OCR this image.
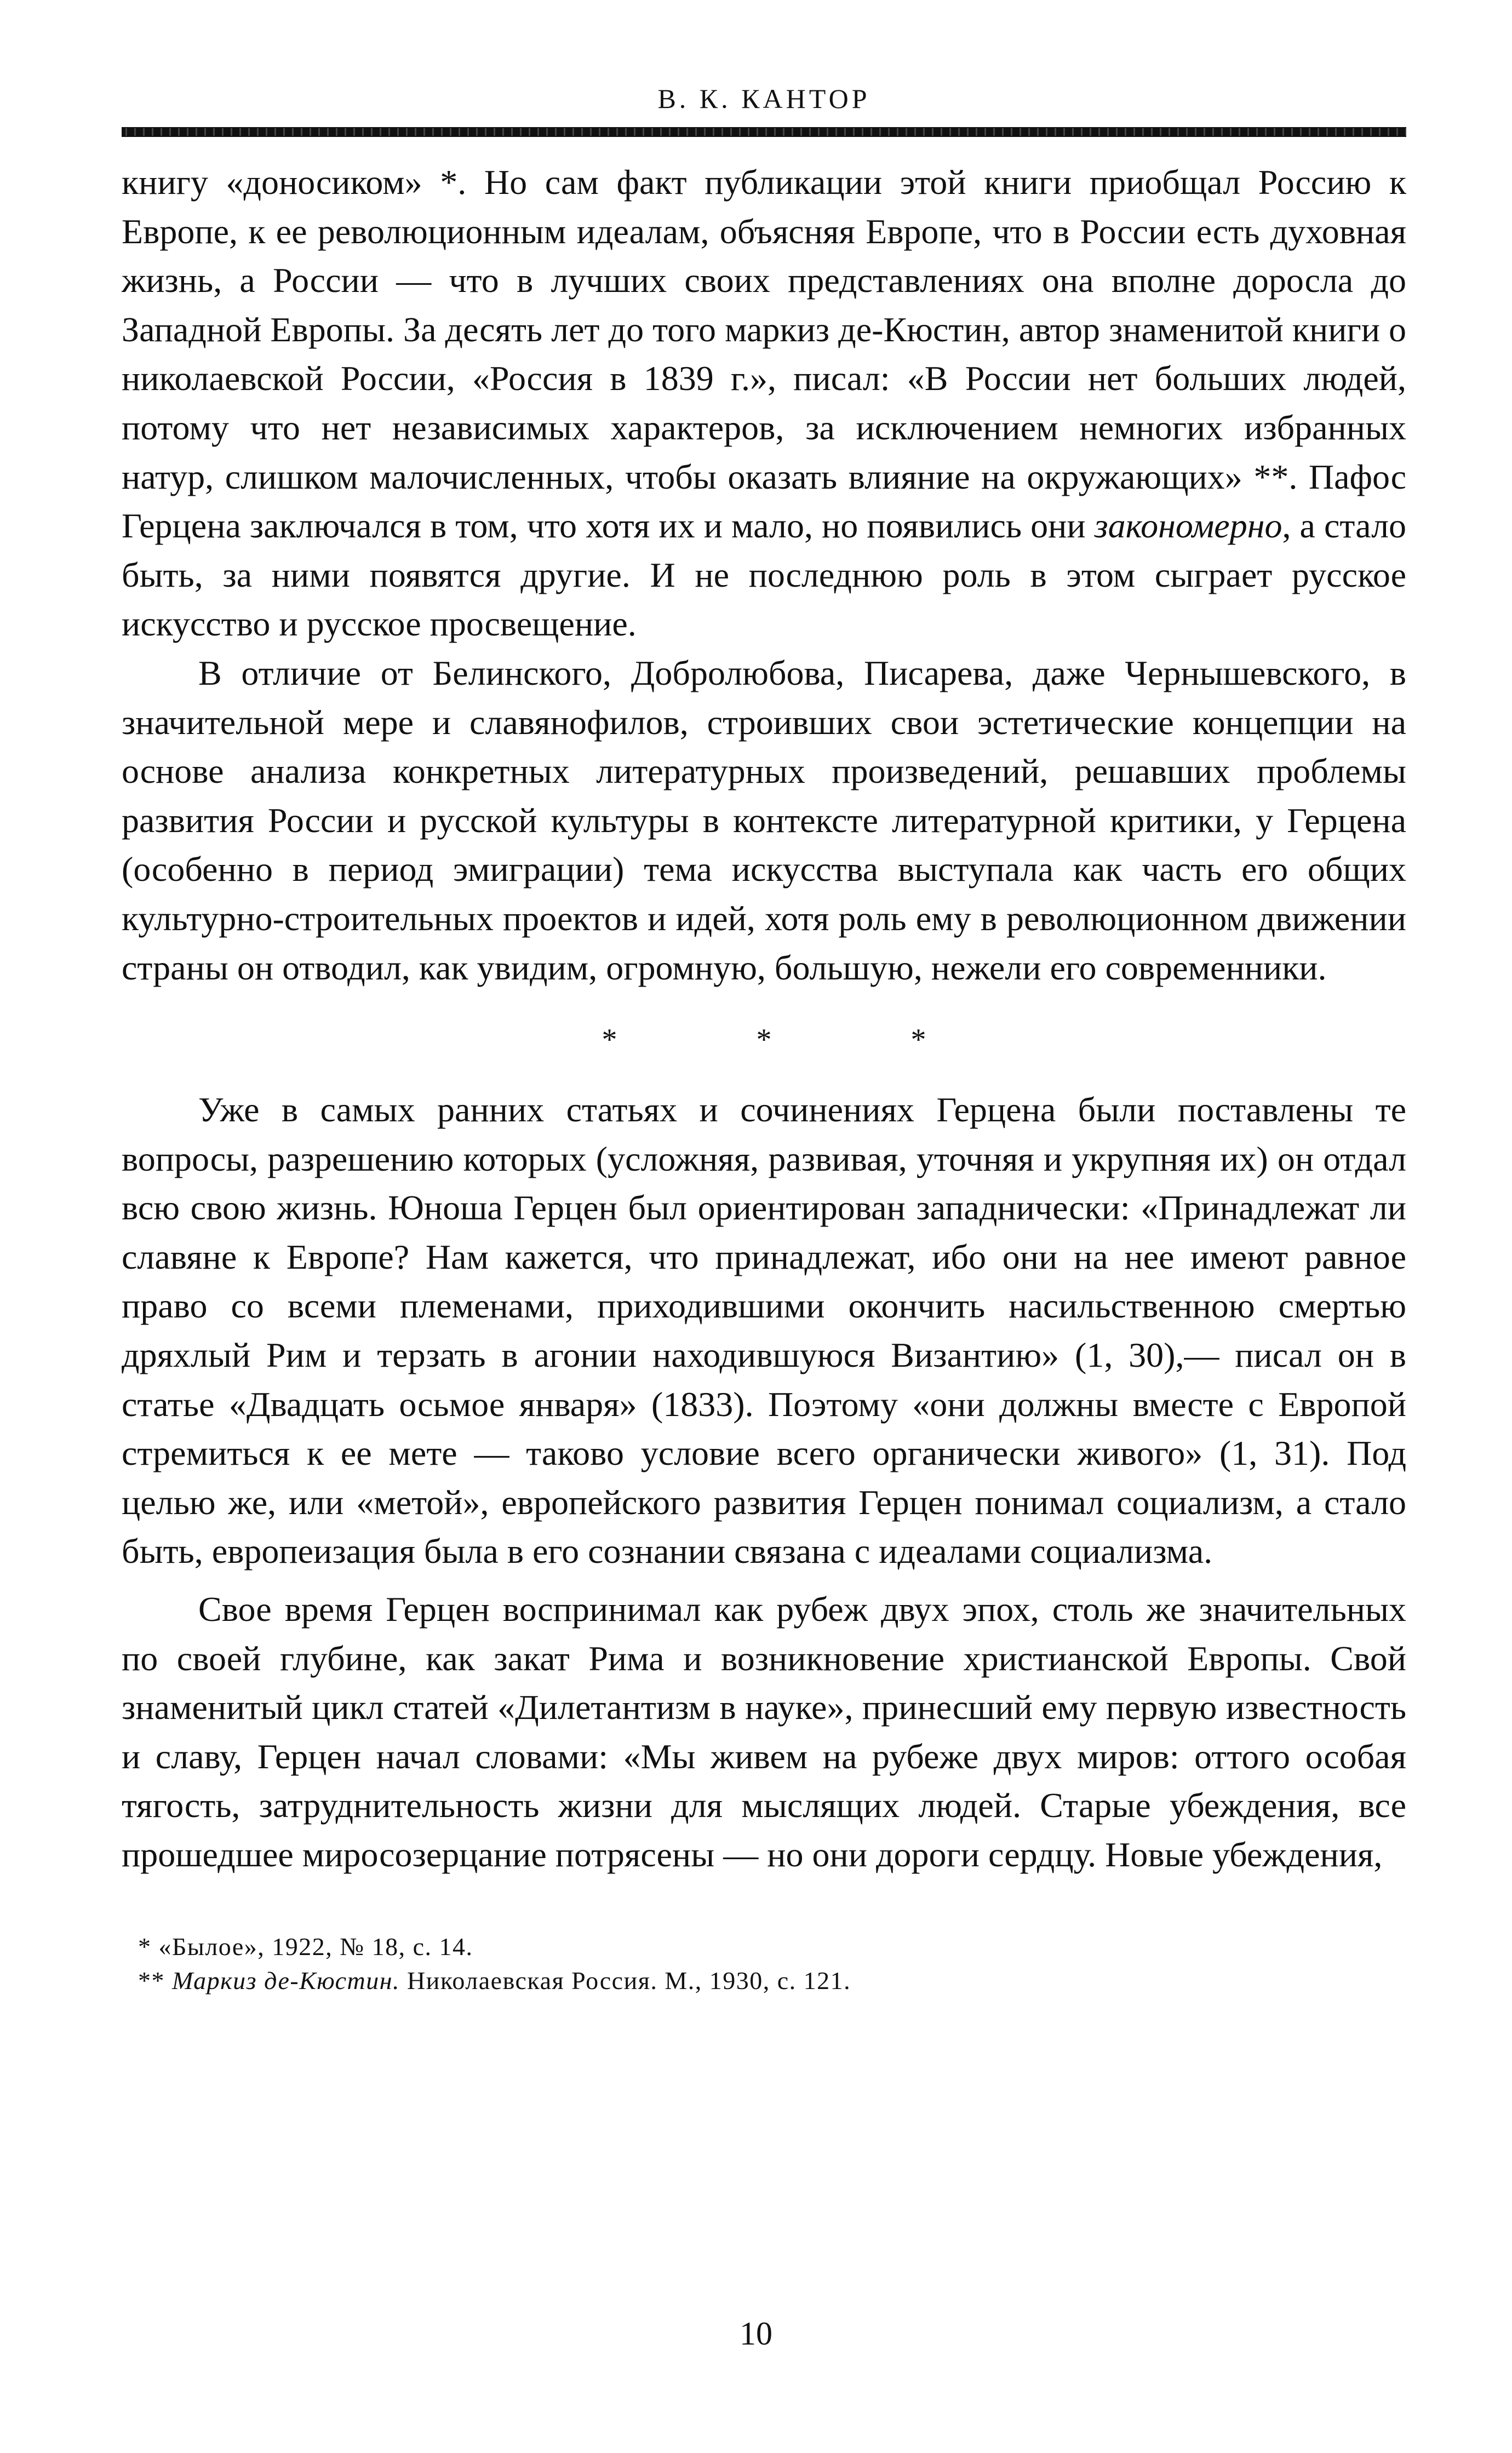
В. К. КАНТОР

книгу «доносиком» *. Но сам факт публикации этой книги приобщал Россию к Европе, к ее революционным идеалам, объясняя Европе, что в России есть духовная жизнь, а России — что в лучших своих представлениях она вполне доросла до Западной Европы. За десять лет до того маркиз де-Кюстин, автор знаменитой книги о николаевской России, «Россия в 1839 г.», писал: «В России нет больших людей, потому что нет независимых характеров, за исключением немногих избранных натур, слишком малочисленных, чтобы оказать влияние на окружающих» **. Пафос Герцена заключался в том, что хотя их и мало, но появились они закономерно, а стало быть, за ними появятся другие. И не последнюю роль в этом сыграет русское искусство и русское просвещение.

В отличие от Белинского, Добролюбова, Писарева, даже Чернышевского, в значительной мере и славянофилов, строивших свои эстетические концепции на основе анализа конкретных литературных произведений, решавших проблемы развития России и русской культуры в контексте литературной критики, у Герцена (особенно в период эмиграции) тема искусства выступала как часть его общих культурно-строительных проектов и идей, хотя роль ему в революционном движении страны он отводил, как увидим, огромную, большую, нежели его современники.

* * *

Уже в самых ранних статьях и сочинениях Герцена были поставлены те вопросы, разрешению которых (усложняя, развивая, уточняя и укрупняя их) он отдал всю свою жизнь. Юноша Герцен был ориентирован западнически: «Принадлежат ли славяне к Европе? Нам кажется, что принадлежат, ибо они на нее имеют равное право со всеми племенами, приходившими окончить насильственною смертью дряхлый Рим и терзать в агонии находившуюся Византию» (1, 30),— писал он в статье «Двадцать осьмое января» (1833). Поэтому «они должны вместе с Европой стремиться к ее мете — таково условие всего органически живого» (1, 31). Под целью же, или «метой», европейского развития Герцен понимал социализм, а стало быть, европеизация была в его сознании связана с идеалами социализма.

Свое время Герцен воспринимал как рубеж двух эпох, столь же значительных по своей глубине, как закат Рима и возникновение христианской Европы. Свой знаменитый цикл статей «Дилетантизм в науке», принесший ему первую известность и славу, Герцен начал словами: «Мы живем на рубеже двух миров: оттого особая тягость, затруднительность жизни для мыслящих людей. Старые убеждения, все прошедшее миросозерцание потрясены — но они дороги сердцу. Новые убеждения,

* «Былое», 1922, № 18, с. 14.
** Маркиз де-Кюстин. Николаевская Россия. М., 1930, с. 121.
10
